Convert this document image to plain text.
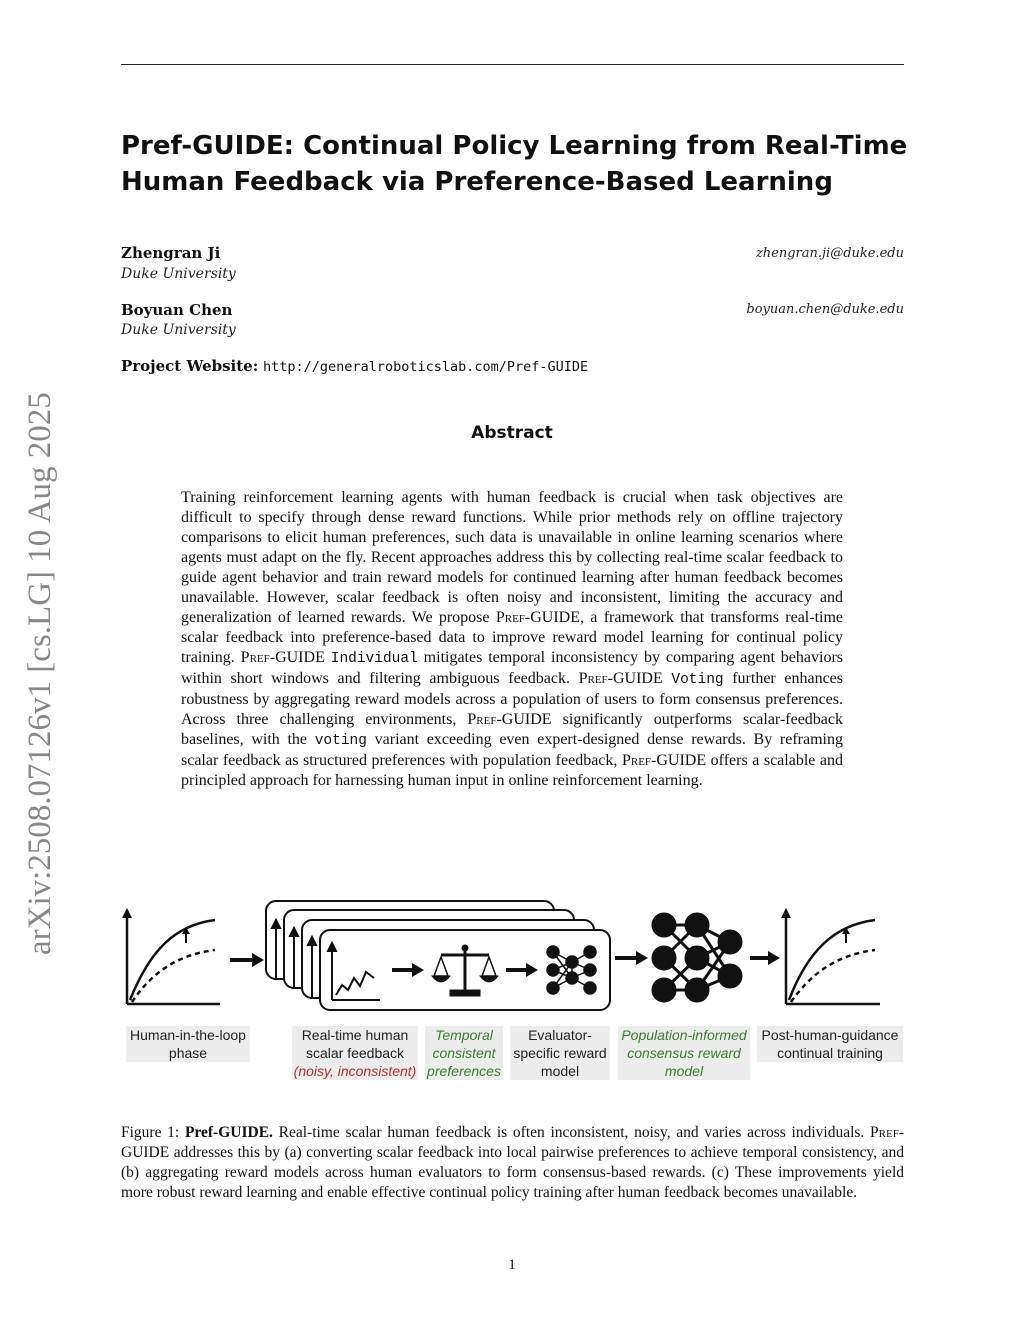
Pref-GUIDE: Continual Policy Learning from Real-Time Human Feedback via Preference-Based Learning
Zhengran Ji
Duke University
zhengran.ji@duke.edu
Boyuan Chen
Duke University
boyuan.chen@duke.edu
Project Website: http://generalroboticslab.com/Pref-GUIDE
Abstract
Training reinforcement learning agents with human feedback is crucial when task objectives are difficult to specify through dense reward functions. While prior methods rely on offline trajectory comparisons to elicit human preferences, such data is unavailable in online learning scenarios where agents must adapt on the fly. Recent approaches address this by collecting real-time scalar feedback to guide agent behavior and train reward models for continued learning after human feedback becomes unavailable. However, scalar feedback is often noisy and inconsistent, limiting the accuracy and generalization of learned rewards. We propose Pref-GUIDE, a framework that transforms real-time scalar feedback into preference-based data to improve reward model learning for continual policy training. Pref-GUIDE Individual mitigates temporal inconsistency by comparing agent behaviors within short windows and filtering ambiguous feedback. Pref-GUIDE Voting further enhances robustness by aggregating reward models across a population of users to form consensus preferences. Across three challenging environments, Pref-GUIDE significantly outperforms scalar-feedback baselines, with the voting variant exceeding even expert-designed dense rewards. By reframing scalar feedback as structured preferences with population feedback, Pref-GUIDE offers a scalable and principled approach for harnessing human input in online reinforcement learning.
arXiv:2508.07126v1 [cs.LG] 10 Aug 2025
Human-in-the-loop phase
Real-time human scalar feedback
(noisy, inconsistent)
Temporal consistent preferences
Evaluator-specific reward model
Population-informed consensus reward model
Post-human-guidance continual training
Figure 1: Pref-GUIDE. Real-time scalar human feedback is often inconsistent, noisy, and varies across individuals. Pref-GUIDE addresses this by (a) converting scalar feedback into local pairwise preferences to achieve temporal consistency, and (b) aggregating reward models across human evaluators to form consensus-based rewards. (c) These improvements yield more robust reward learning and enable effective continual policy training after human feedback becomes unavailable.
1
